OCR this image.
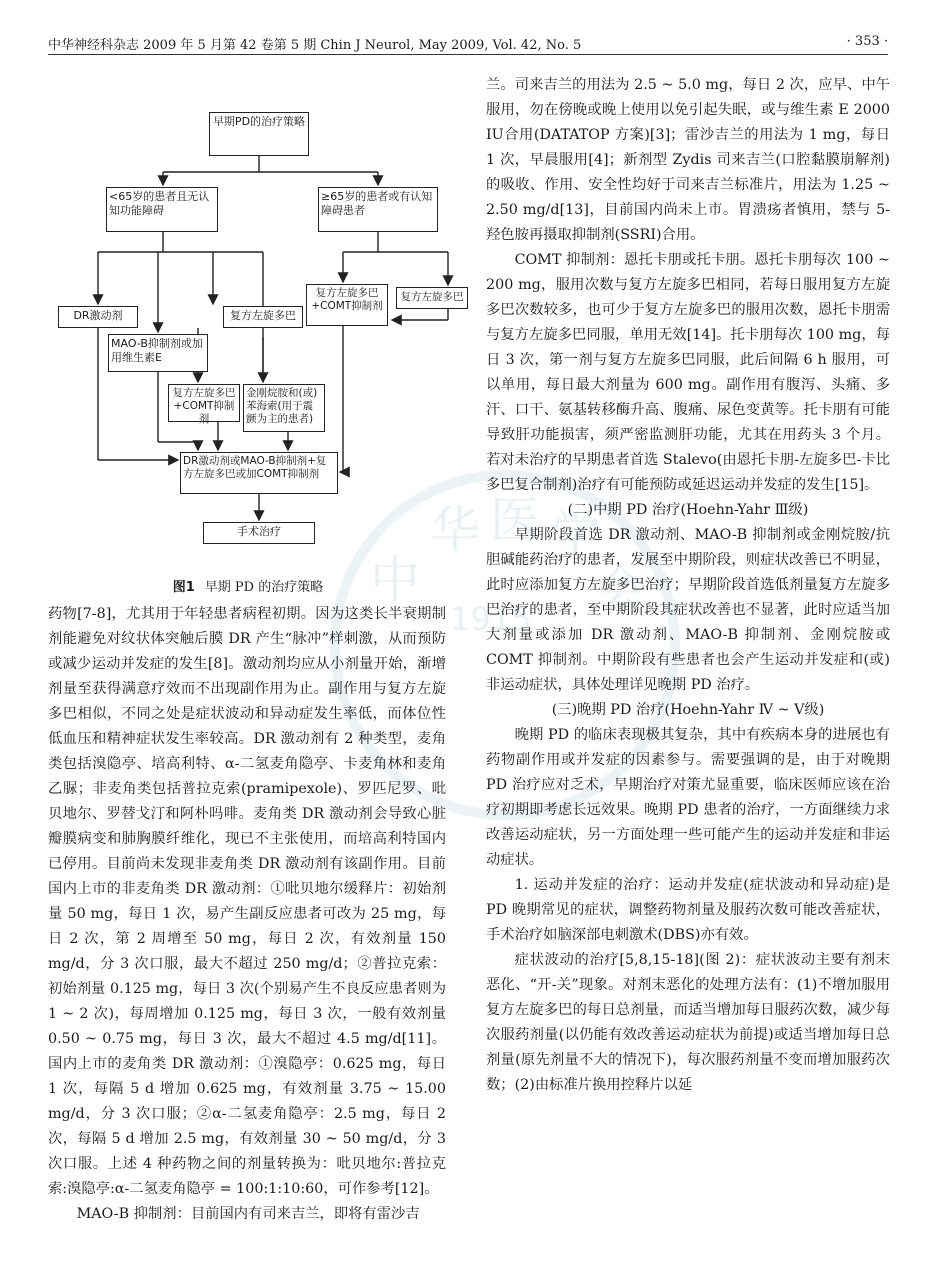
中华神经科杂志 2009 年 5 月第 42 卷第 5 期 Chin J Neurol, May 2009, Vol. 42, No. 5	· 353 ·
中
华 医 学
会
1915
早期PD的治疗策略
<65岁的患者且无认知功能障碍
≥65岁的患者或有认知障碍患者
DR激动剂
MAO-B抑制剂或加用维生素E
复方左旋多巴
金刚烷胺和(或)苯海索(用于震颤为主的患者)
复方左旋多巴+COMT抑制剂
复方左旋多巴+COMT抑制剂
复方左旋多巴
DR激动剂或MAO-B抑制剂+复方左旋多巴或加COMT抑制剂
手术治疗
图1 早期 PD 的治疗策略

药物[7-8]，尤其用于年轻患者病程初期。因为这类长半衰期制剂能避免对纹状体突触后膜 DR 产生“脉冲”样刺激，从而预防或减少运动并发症的发生[8]。激动剂均应从小剂量开始，渐增剂量至获得满意疗效而不出现副作用为止。副作用与复方左旋多巴相似，不同之处是症状波动和异动症发生率低，而体位性低血压和精神症状发生率较高。DR 激动剂有 2 种类型，麦角类包括溴隐亭、培高利特、α-二氢麦角隐亭、卡麦角林和麦角乙脲；非麦角类包括普拉克索(pramipexole)、罗匹尼罗、吡贝地尔、罗替戈汀和阿朴吗啡。麦角类 DR 激动剂会导致心脏瓣膜病变和肺胸膜纤维化，现已不主张使用，而培高利特国内已停用。目前尚未发现非麦角类 DR 激动剂有该副作用。目前国内上市的非麦角类 DR 激动剂：①吡贝地尔缓释片：初始剂量 50 mg，每日 1 次，易产生副反应患者可改为 25 mg，每日 2 次，第 2 周增至 50 mg，每日 2 次，有效剂量 150 mg/d，分 3 次口服，最大不超过 250 mg/d；②普拉克索：初始剂量 0.125 mg，每日 3 次(个别易产生不良反应患者则为 1 ~ 2 次)，每周增加 0.125 mg，每日 3 次，一般有效剂量 0.50 ~ 0.75 mg，每日 3 次，最大不超过 4.5 mg/d[11]。国内上市的麦角类 DR 激动剂：①溴隐亭：0.625 mg，每日 1 次，每隔 5 d 增加 0.625 mg，有效剂量 3.75 ~ 15.00 mg/d，分 3 次口服；②α-二氢麦角隐亭：2.5 mg，每日 2 次，每隔 5 d 增加 2.5 mg，有效剂量 30 ~ 50 mg/d，分 3 次口服。上述 4 种药物之间的剂量转换为：吡贝地尔:普拉克索:溴隐亭:α-二氢麦角隐亭 = 100:1:10:60，可作参考[12]。

MAO-B 抑制剂：目前国内有司来吉兰，即将有雷沙吉

兰。司来吉兰的用法为 2.5 ~ 5.0 mg，每日 2 次，应早、中午服用，勿在傍晚或晚上使用以免引起失眠，或与维生素 E 2000 IU合用(DATATOP 方案)[3]；雷沙吉兰的用法为 1 mg，每日 1 次，早晨服用[4]；新剂型 Zydis 司来吉兰(口腔黏膜崩解剂)的吸收、作用、安全性均好于司来吉兰标准片，用法为 1.25 ~ 2.50 mg/d[13]，目前国内尚未上市。胃溃疡者慎用，禁与 5-羟色胺再摄取抑制剂(SSRI)合用。

COMT 抑制剂：恩托卡朋或托卡朋。恩托卡朋每次 100 ~ 200 mg，服用次数与复方左旋多巴相同，若每日服用复方左旋多巴次数较多，也可少于复方左旋多巴的服用次数，恩托卡朋需与复方左旋多巴同服，单用无效[14]。托卡朋每次 100 mg，每日 3 次，第一剂与复方左旋多巴同服，此后间隔 6 h 服用，可以单用，每日最大剂量为 600 mg。副作用有腹泻、头痛、多汗、口干、氨基转移酶升高、腹痛、尿色变黄等。托卡朋有可能导致肝功能损害，须严密监测肝功能，尤其在用药头 3 个月。若对未治疗的早期患者首选 Stalevo(由恩托卡朋-左旋多巴-卡比多巴复合制剂)治疗有可能预防或延迟运动并发症的发生[15]。

(二)中期 PD 治疗(Hoehn-Yahr Ⅲ级)

早期阶段首选 DR 激动剂、MAO-B 抑制剂或金刚烷胺/抗胆碱能药治疗的患者，发展至中期阶段，则症状改善已不明显，此时应添加复方左旋多巴治疗；早期阶段首选低剂量复方左旋多巴治疗的患者，至中期阶段其症状改善也不显著，此时应适当加大剂量或添加 DR 激动剂、MAO-B 抑制剂、金刚烷胺或 COMT 抑制剂。中期阶段有些患者也会产生运动并发症和(或)非运动症状，具体处理详见晚期 PD 治疗。

(三)晚期 PD 治疗(Hoehn-Yahr Ⅳ ~ Ⅴ级)

晚期 PD 的临床表现极其复杂，其中有疾病本身的进展也有药物副作用或并发症的因素参与。需要强调的是，由于对晚期 PD 治疗应对乏术，早期治疗对策尤显重要，临床医师应该在治疗初期即考虑长远效果。晚期 PD 患者的治疗，一方面继续力求改善运动症状，另一方面处理一些可能产生的运动并发症和非运动症状。

1. 运动并发症的治疗：运动并发症(症状波动和异动症)是 PD 晚期常见的症状，调整药物剂量及服药次数可能改善症状，手术治疗如脑深部电刺激术(DBS)亦有效。

症状波动的治疗[5,8,15-18](图 2)：症状波动主要有剂末恶化、“开-关”现象。对剂末恶化的处理方法有：(1)不增加服用复方左旋多巴的每日总剂量，而适当增加每日服药次数，减少每次服药剂量(以仍能有效改善运动症状为前提)或适当增加每日总剂量(原先剂量不大的情况下)，每次服药剂量不变而增加服药次数；(2)由标准片换用控释片以延
